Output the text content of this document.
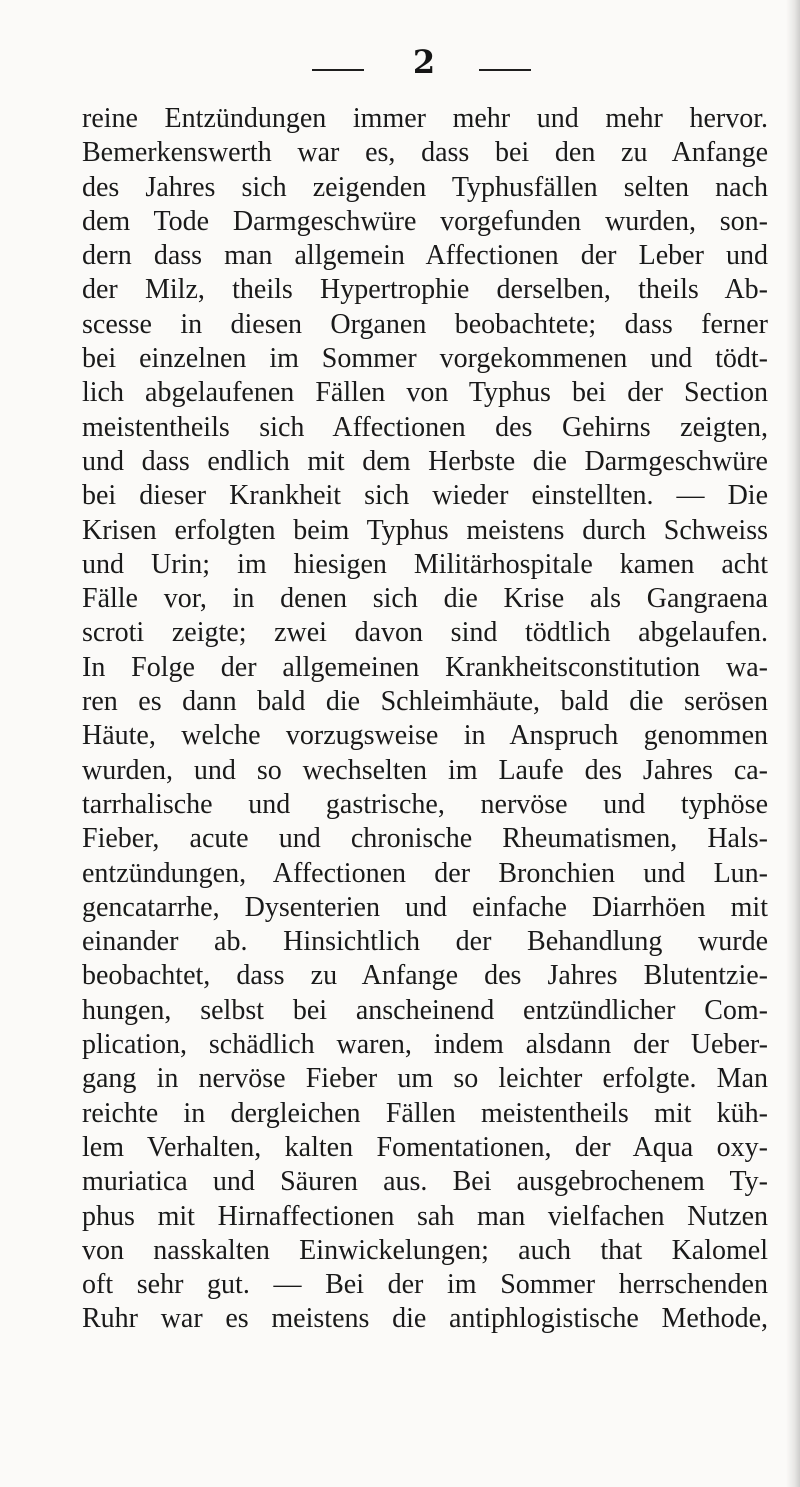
2
reine Entzündungen immer mehr und mehr hervor.
Bemerkenswerth war es, dass bei den zu Anfange
des Jahres sich zeigenden Typhusfällen selten nach
dem Tode Darmgeschwüre vorgefunden wurden, son-
dern dass man allgemein Affectionen der Leber und
der Milz, theils Hypertrophie derselben, theils Ab-
scesse in diesen Organen beobachtete; dass ferner
bei einzelnen im Sommer vorgekommenen und tödt-
lich abgelaufenen Fällen von Typhus bei der Section
meistentheils sich Affectionen des Gehirns zeigten,
und dass endlich mit dem Herbste die Darmgeschwüre
bei dieser Krankheit sich wieder einstellten. — Die
Krisen erfolgten beim Typhus meistens durch Schweiss
und Urin; im hiesigen Militärhospitale kamen acht
Fälle vor, in denen sich die Krise als Gangraena
scroti zeigte; zwei davon sind tödtlich abgelaufen.
In Folge der allgemeinen Krankheitsconstitution wa-
ren es dann bald die Schleimhäute, bald die serösen
Häute, welche vorzugsweise in Anspruch genommen
wurden, und so wechselten im Laufe des Jahres ca-
tarrhalische und gastrische, nervöse und typhöse
Fieber, acute und chronische Rheumatismen, Hals-
entzündungen, Affectionen der Bronchien und Lun-
gencatarrhe, Dysenterien und einfache Diarrhöen mit
einander ab. Hinsichtlich der Behandlung wurde
beobachtet, dass zu Anfange des Jahres Blutentzie-
hungen, selbst bei anscheinend entzündlicher Com-
plication, schädlich waren, indem alsdann der Ueber-
gang in nervöse Fieber um so leichter erfolgte. Man
reichte in dergleichen Fällen meistentheils mit küh-
lem Verhalten, kalten Fomentationen, der Aqua oxy-
muriatica und Säuren aus. Bei ausgebrochenem Ty-
phus mit Hirnaffectionen sah man vielfachen Nutzen
von nasskalten Einwickelungen; auch that Kalomel
oft sehr gut. — Bei der im Sommer herrschenden
Ruhr war es meistens die antiphlogistische Methode,
